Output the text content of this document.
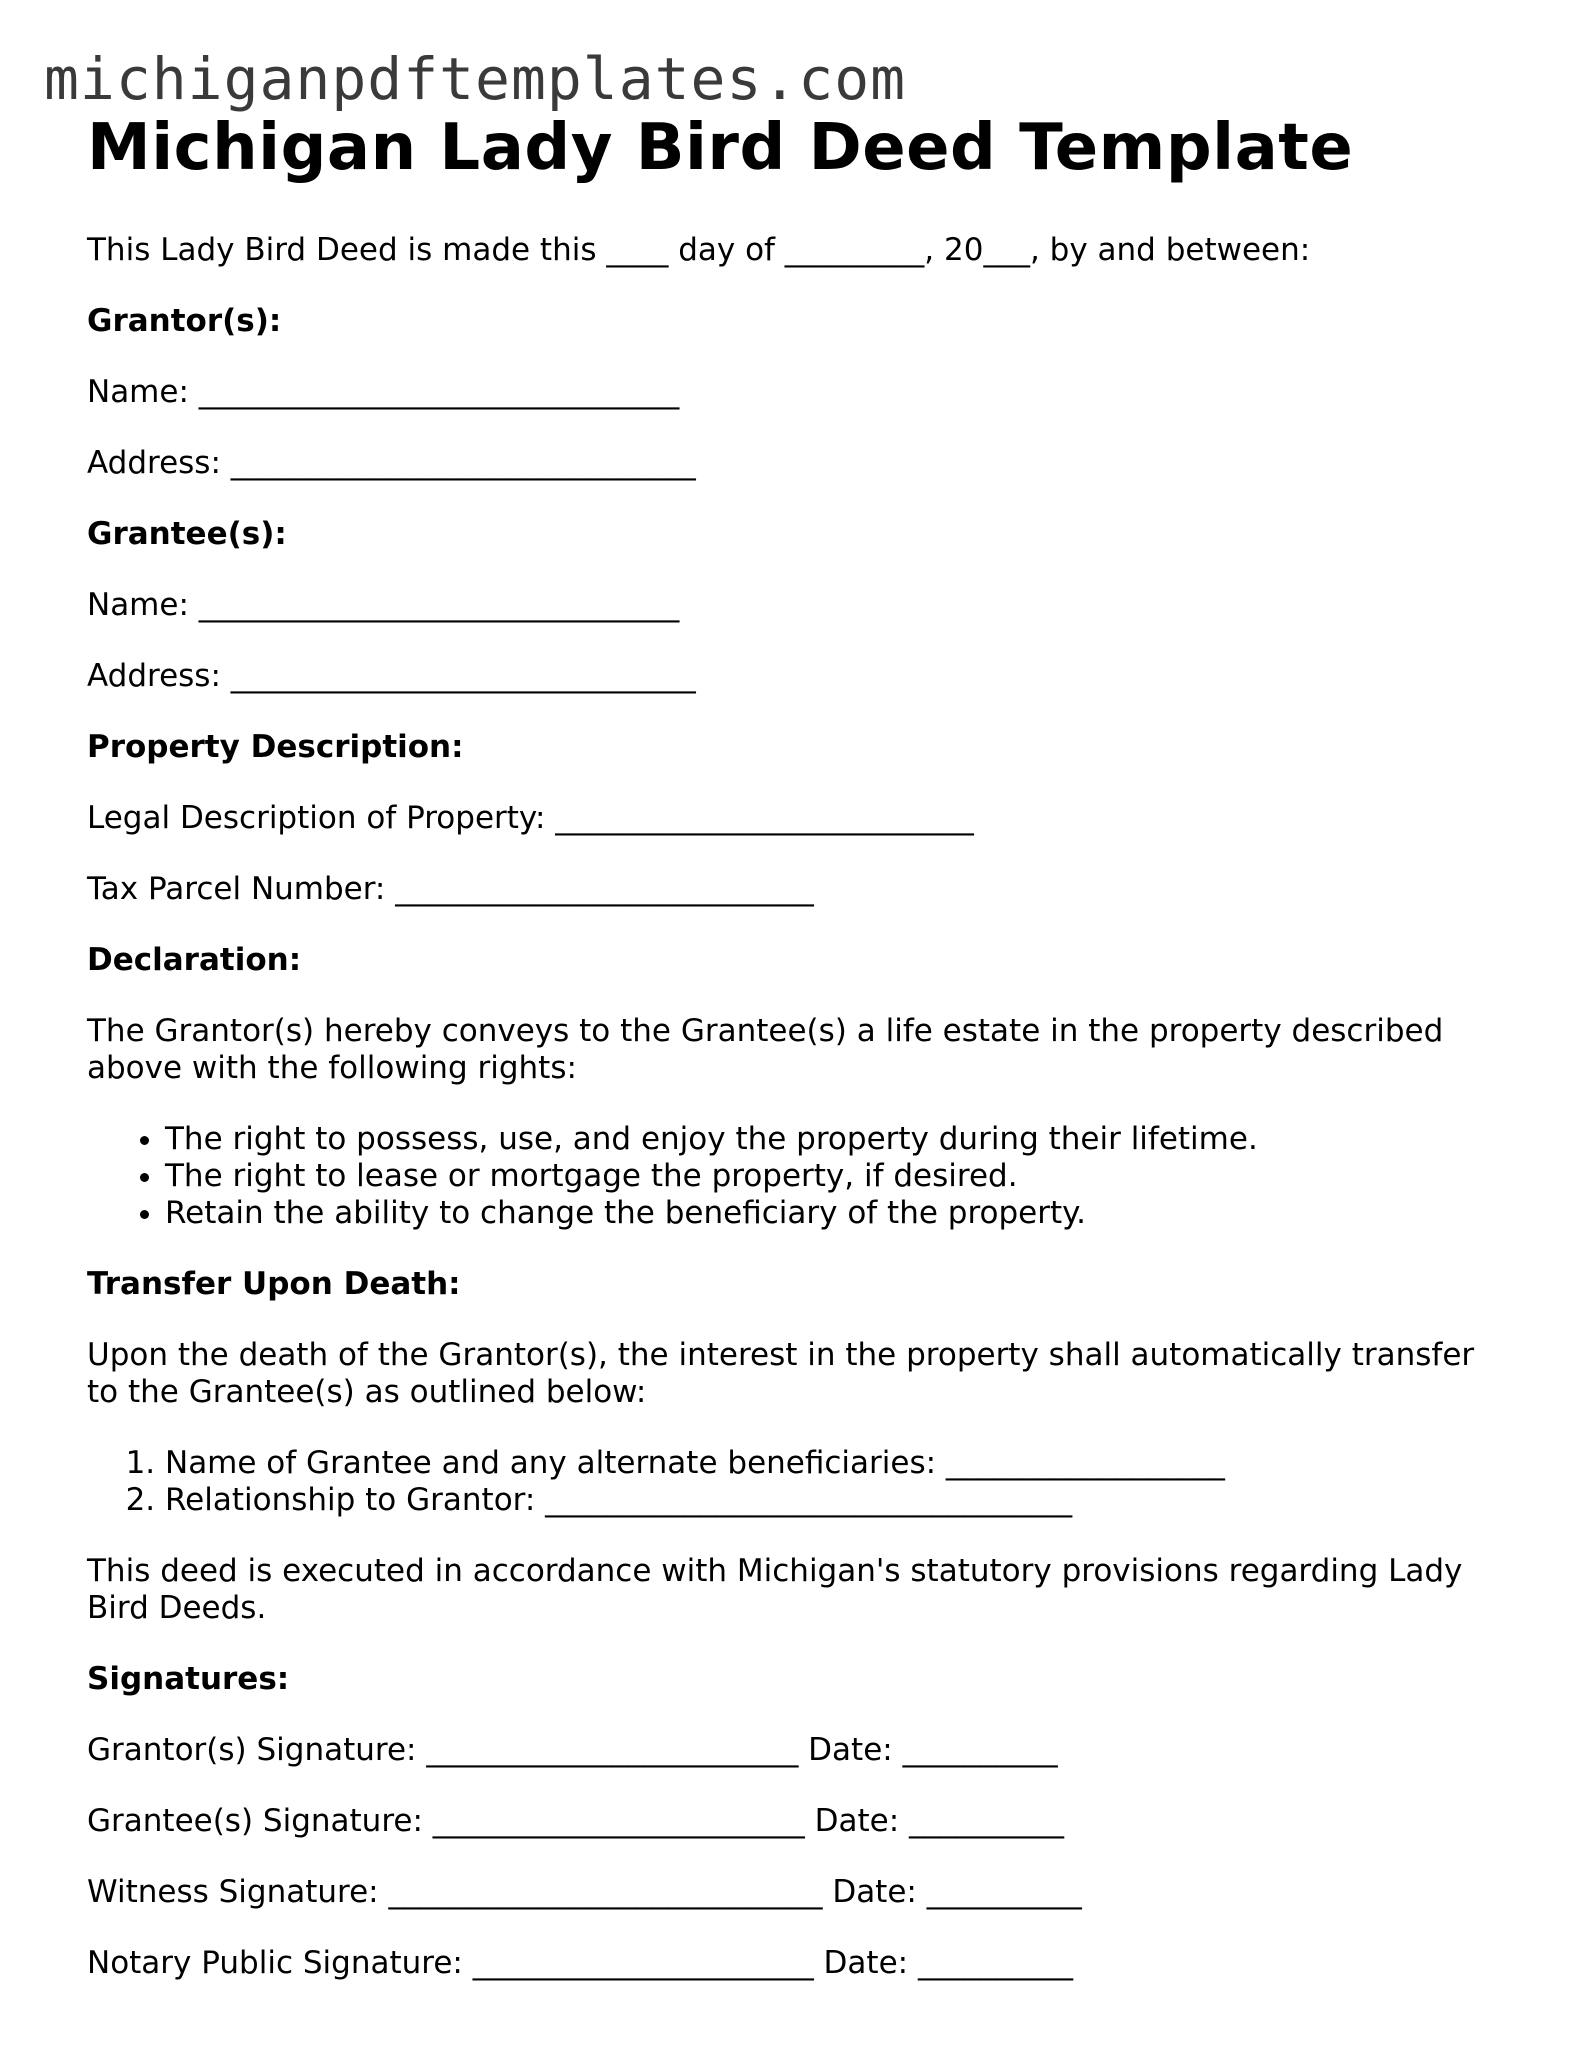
michiganpdftemplates.com
Michigan Lady Bird Deed Template

This Lady Bird Deed is made this ____ day of _________, 20___, by and between:

Grantor(s):

Name: _______________________________

Address: ______________________________

Grantee(s):

Name: _______________________________

Address: ______________________________

Property Description:

Legal Description of Property: ___________________________

Tax Parcel Number: ___________________________

Declaration:

The Grantor(s) hereby conveys to the Grantee(s) a life estate in the property described above with the following rights:

• The right to possess, use, and enjoy the property during their lifetime.
• The right to lease or mortgage the property, if desired.
• Retain the ability to change the beneficiary of the property.

Transfer Upon Death:

Upon the death of the Grantor(s), the interest in the property shall automatically transfer to the Grantee(s) as outlined below:

1. Name of Grantee and any alternate beneficiaries: __________________
2. Relationship to Grantor: __________________________________

This deed is executed in accordance with Michigan's statutory provisions regarding Lady Bird Deeds.

Signatures:

Grantor(s) Signature: ________________________ Date: __________

Grantee(s) Signature: ________________________ Date: __________

Witness Signature: ____________________________ Date: __________

Notary Public Signature: ______________________ Date: __________
